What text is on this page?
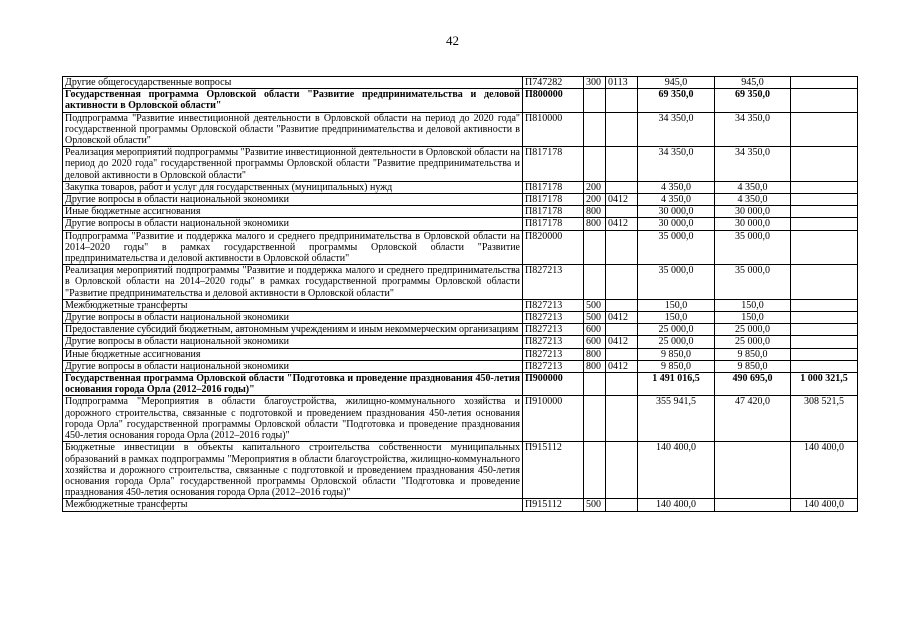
42
Другие общегосударственные вопросы	П747282	300	0113	945,0	945,0	
Государственная программа Орловской области "Развитие предпринимательства и деловой активности в Орловской области"	П800000			69 350,0	69 350,0	
Подпрограмма "Развитие инвестиционной деятельности в Орловской области на период до 2020 года" государственной программы Орловской области "Развитие предпринимательства и деловой активности в Орловской области"	П810000			34 350,0	34 350,0	
Реализация мероприятий подпрограммы "Развитие инвестиционной деятельности в Орловской области на период до 2020 года" государственной программы Орловской области "Развитие предпринимательства и деловой активности в Орловской области"	П817178			34 350,0	34 350,0	
Закупка товаров, работ и услуг для государственных (муниципальных) нужд	П817178	200		4 350,0	4 350,0	
Другие вопросы в области национальной экономики	П817178	200	0412	4 350,0	4 350,0	
Иные бюджетные ассигнования	П817178	800		30 000,0	30 000,0	
Другие вопросы в области национальной экономики	П817178	800	0412	30 000,0	30 000,0	
Подпрограмма "Развитие и поддержка малого и среднего предпринимательства в Орловской области на 2014–2020 годы" в рамках государственной программы Орловской области "Развитие предпринимательства и деловой активности в Орловской области"	П820000			35 000,0	35 000,0	
Реализация мероприятий подпрограммы "Развитие и поддержка малого и среднего предпринимательства в Орловской области на 2014–2020 годы" в рамках государственной программы Орловской области "Развитие предпринимательства и деловой активности в Орловской области"	П827213			35 000,0	35 000,0	
Межбюджетные трансферты	П827213	500		150,0	150,0	
Другие вопросы в области национальной экономики	П827213	500	0412	150,0	150,0	
Предоставление субсидий бюджетным, автономным учреждениям и иным некоммерческим организациям	П827213	600		25 000,0	25 000,0	
Другие вопросы в области национальной экономики	П827213	600	0412	25 000,0	25 000,0	
Иные бюджетные ассигнования	П827213	800		9 850,0	9 850,0	
Другие вопросы в области национальной экономики	П827213	800	0412	9 850,0	9 850,0	
Государственная программа Орловской области "Подготовка и проведение празднования 450-летия основания города Орла (2012–2016 годы)"	П900000			1 491 016,5	490 695,0	1 000 321,5
Подпрограмма "Мероприятия в области благоустройства, жилищно-коммунального хозяйства и дорожного строительства, связанные с подготовкой и проведением празднования 450-летия основания города Орла" государственной программы Орловской области "Подготовка и проведение празднования 450-летия основания города Орла (2012–2016 годы)"	П910000			355 941,5	47 420,0	308 521,5
Бюджетные инвестиции в объекты капитального строительства собственности муниципальных образований в рамках подпрограммы "Мероприятия в области благоустройства, жилищно-коммунального хозяйства и дорожного строительства, связанные с подготовкой и проведением празднования 450-летия основания города Орла" государственной программы Орловской области "Подготовка и проведение празднования 450-летия основания города Орла (2012–2016 годы)"	П915112			140 400,0		140 400,0
Межбюджетные трансферты	П915112	500		140 400,0		140 400,0
